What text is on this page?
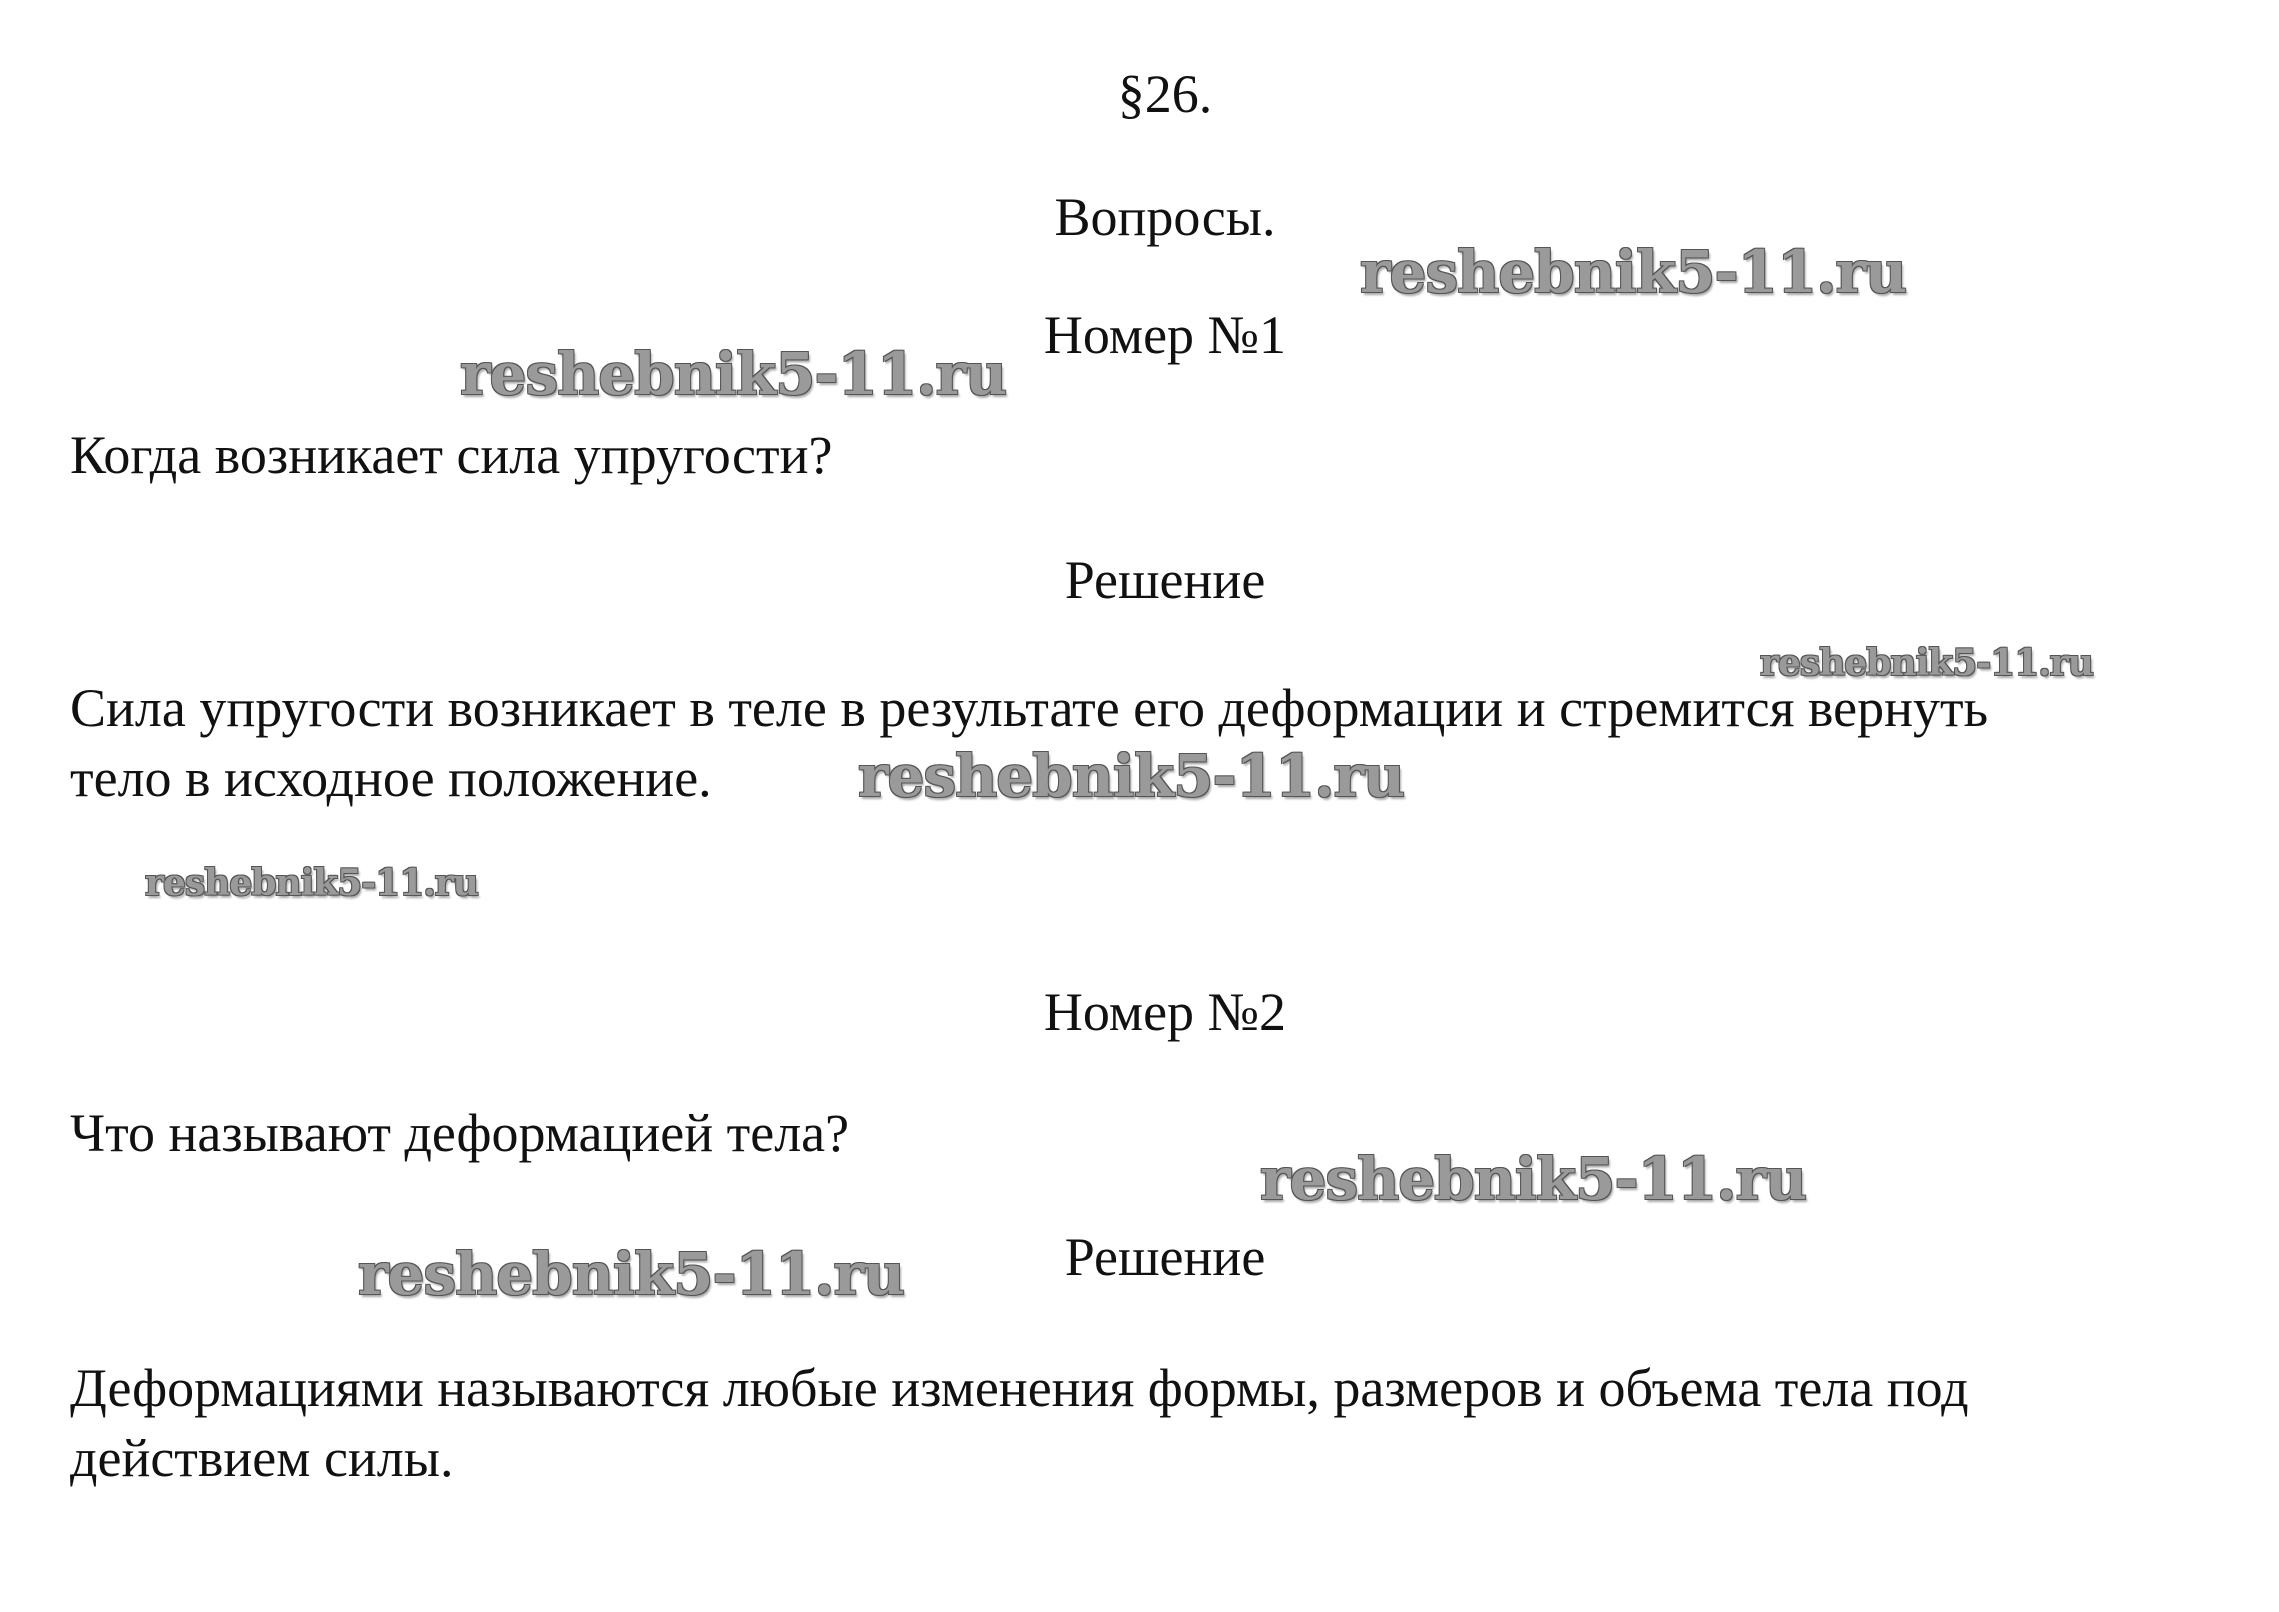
§26.
Вопросы.
Номер №1
Когда возникает сила упругости?
Решение
Сила упругости возникает в теле в результате его деформации и стремится вернуть
тело в исходное положение.
Номер №2
Что называют деформацией тела?
Решение
Деформациями называются любые изменения формы, размеров и объема тела под
действием силы.
reshebnik5-11.ru
reshebnik5-11.ru
reshebnik5-11.ru
reshebnik5-11.ru
reshebnik5-11.ru
reshebnik5-11.ru
reshebnik5-11.ru
